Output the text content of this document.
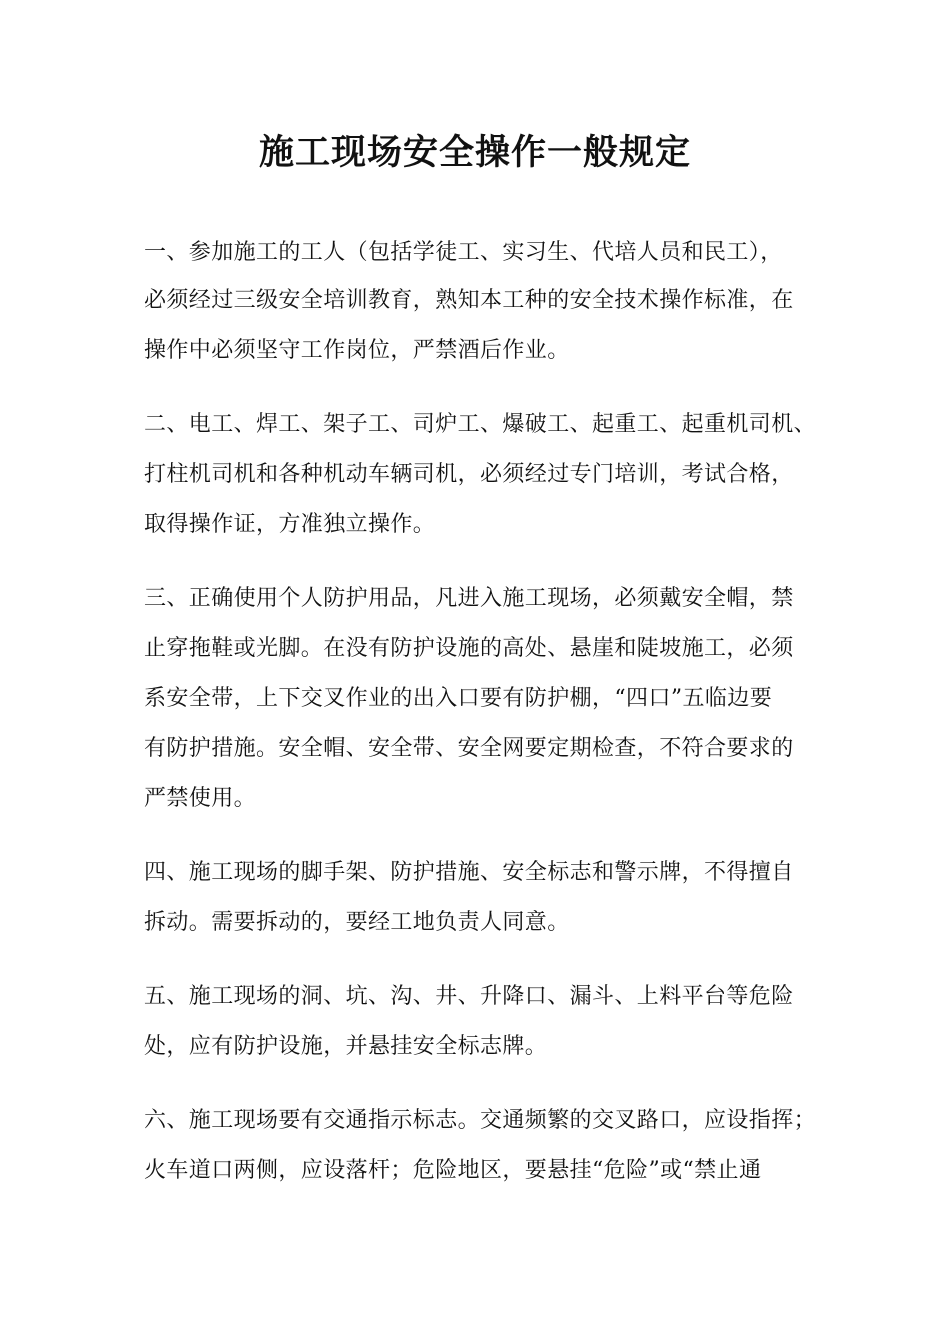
施工现场安全操作一般规定

一、参加施工的工人（包括学徒工、实习生、代培人员和民工），

必须经过三级安全培训教育，熟知本工种的安全技术操作标准，在

操作中必须坚守工作岗位，严禁酒后作业。

二、电工、焊工、架子工、司炉工、爆破工、起重工、起重机司机、

打柱机司机和各种机动车辆司机，必须经过专门培训，考试合格，

取得操作证，方准独立操作。

三、正确使用个人防护用品，凡进入施工现场，必须戴安全帽，禁

止穿拖鞋或光脚。在没有防护设施的高处、悬崖和陡坡施工，必须

系安全带，上下交叉作业的出入口要有防护棚，“四口”五临边要

有防护措施。安全帽、安全带、安全网要定期检查，不符合要求的

严禁使用。

四、施工现场的脚手架、防护措施、安全标志和警示牌，不得擅自

拆动。需要拆动的，要经工地负责人同意。

五、施工现场的洞、坑、沟、井、升降口、漏斗、上料平台等危险

处，应有防护设施，并悬挂安全标志牌。

六、施工现场要有交通指示标志。交通频繁的交叉路口，应设指挥；

火车道口两侧，应设落杆；危险地区，要悬挂“危险”或“禁止通
